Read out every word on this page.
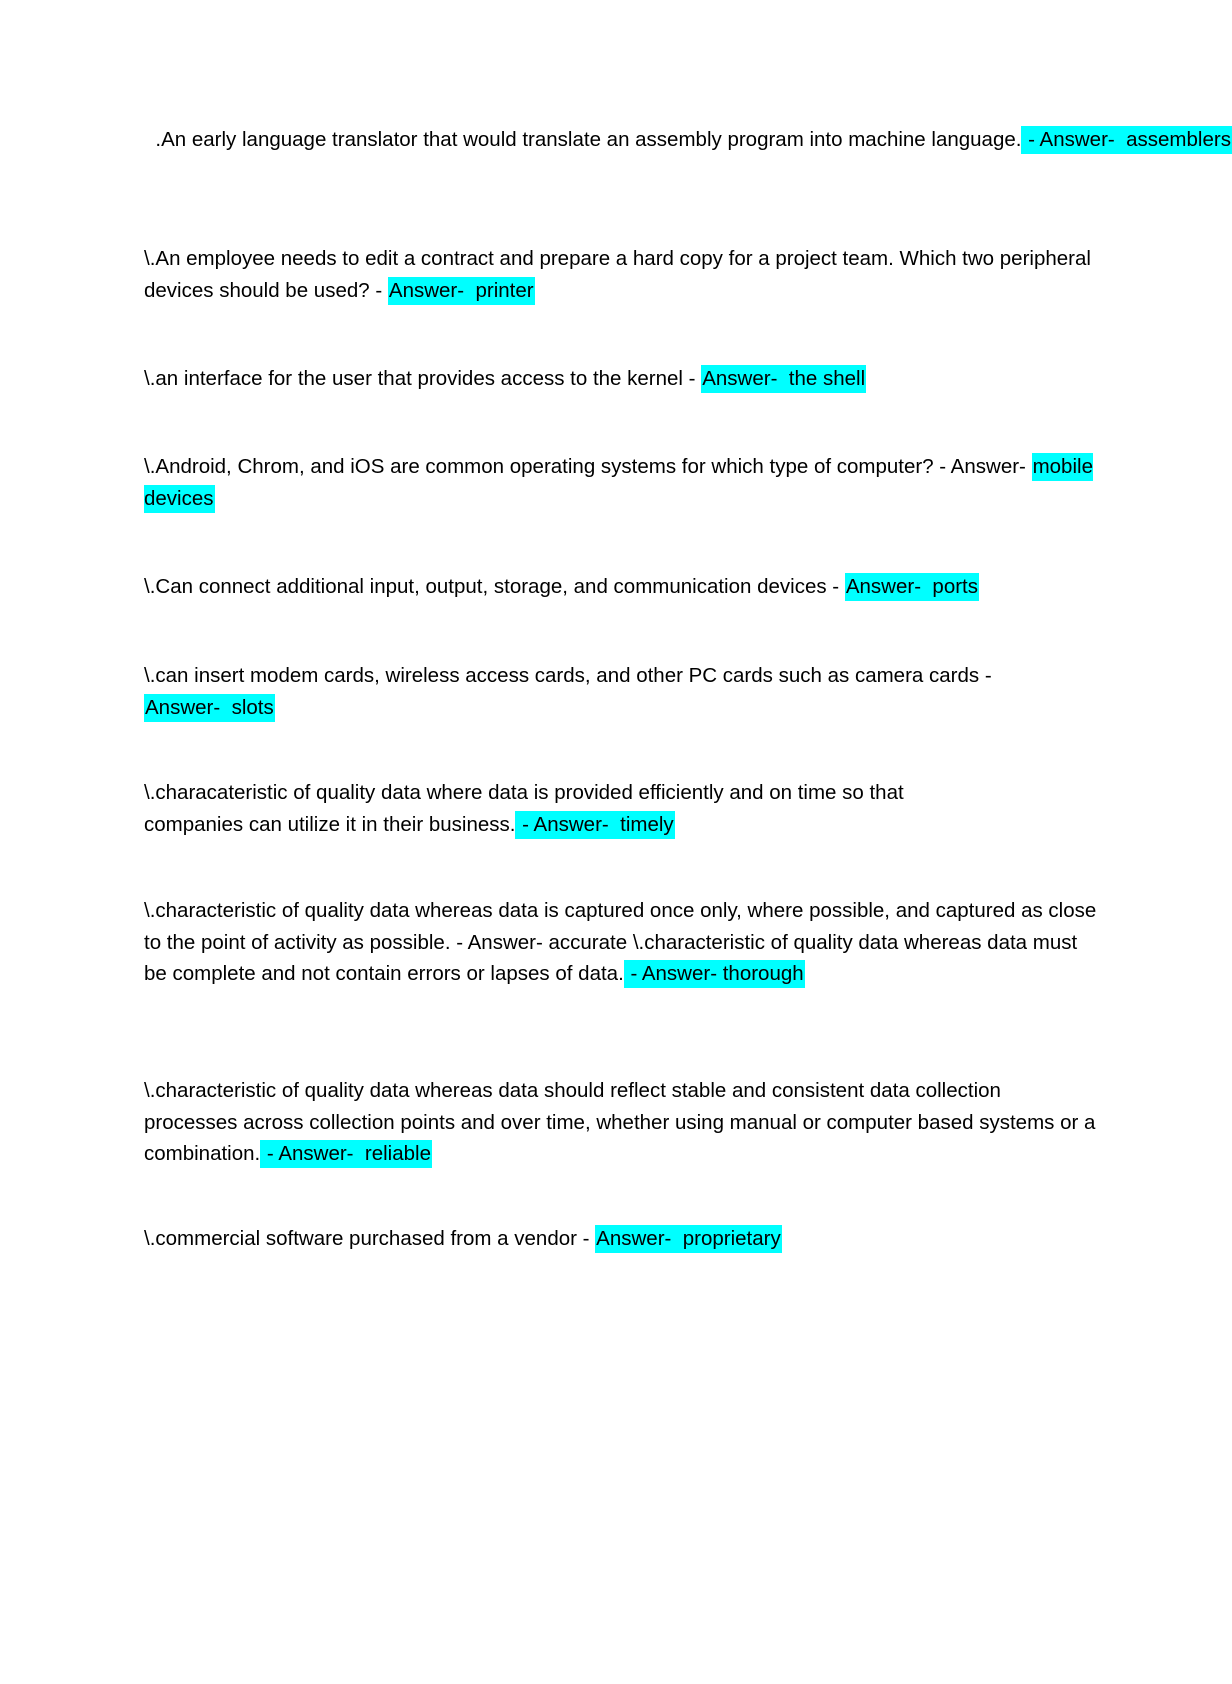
.An early language translator that would translate an assembly program into machine language. - Answer-  assemblers
\.An employee needs to edit a contract and prepare a hard copy for a project team. Which two peripheral devices should be used? - Answer-  printer
\.an interface for the user that provides access to the kernel - Answer-  the shell
\.Android, Chrom, and iOS are common operating systems for which type of computer? - Answer- mobile devices
\.Can connect additional input, output, storage, and communication devices - Answer-  ports
\.can insert modem cards, wireless access cards, and other PC cards such as camera cards - Answer-  slots
\.characateristic of quality data where data is provided efficiently and on time so that companies can utilize it in their business. - Answer-  timely
\.characteristic of quality data whereas data is captured once only, where possible, and captured as close to the point of activity as possible. - Answer- accurate \.characteristic of quality data whereas data must be complete and not contain errors or lapses of data. - Answer- thorough
\.characteristic of quality data whereas data should reflect stable and consistent data collection processes across collection points and over time, whether using manual or computer based systems or a combination. - Answer-  reliable
\.commercial software purchased from a vendor - Answer-  proprietary
